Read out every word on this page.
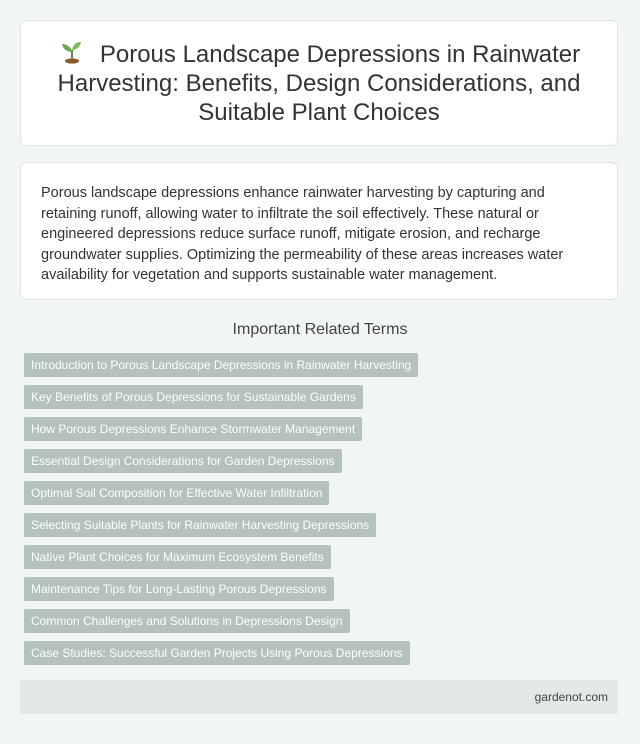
Porous Landscape Depressions in Rainwater Harvesting: Benefits, Design Considerations, and Suitable Plant Choices

Porous landscape depressions enhance rainwater harvesting by capturing and retaining runoff, allowing water to infiltrate the soil effectively. These natural or engineered depressions reduce surface runoff, mitigate erosion, and recharge groundwater supplies. Optimizing the permeability of these areas increases water availability for vegetation and supports sustainable water management.

Important Related Terms
Introduction to Porous Landscape Depressions in Rainwater Harvesting
Key Benefits of Porous Depressions for Sustainable Gardens
How Porous Depressions Enhance Stormwater Management
Essential Design Considerations for Garden Depressions
Optimal Soil Composition for Effective Water Infiltration
Selecting Suitable Plants for Rainwater Harvesting Depressions
Native Plant Choices for Maximum Ecosystem Benefits
Maintenance Tips for Long-Lasting Porous Depressions
Common Challenges and Solutions in Depressions Design
Case Studies: Successful Garden Projects Using Porous Depressions
gardenot.com
